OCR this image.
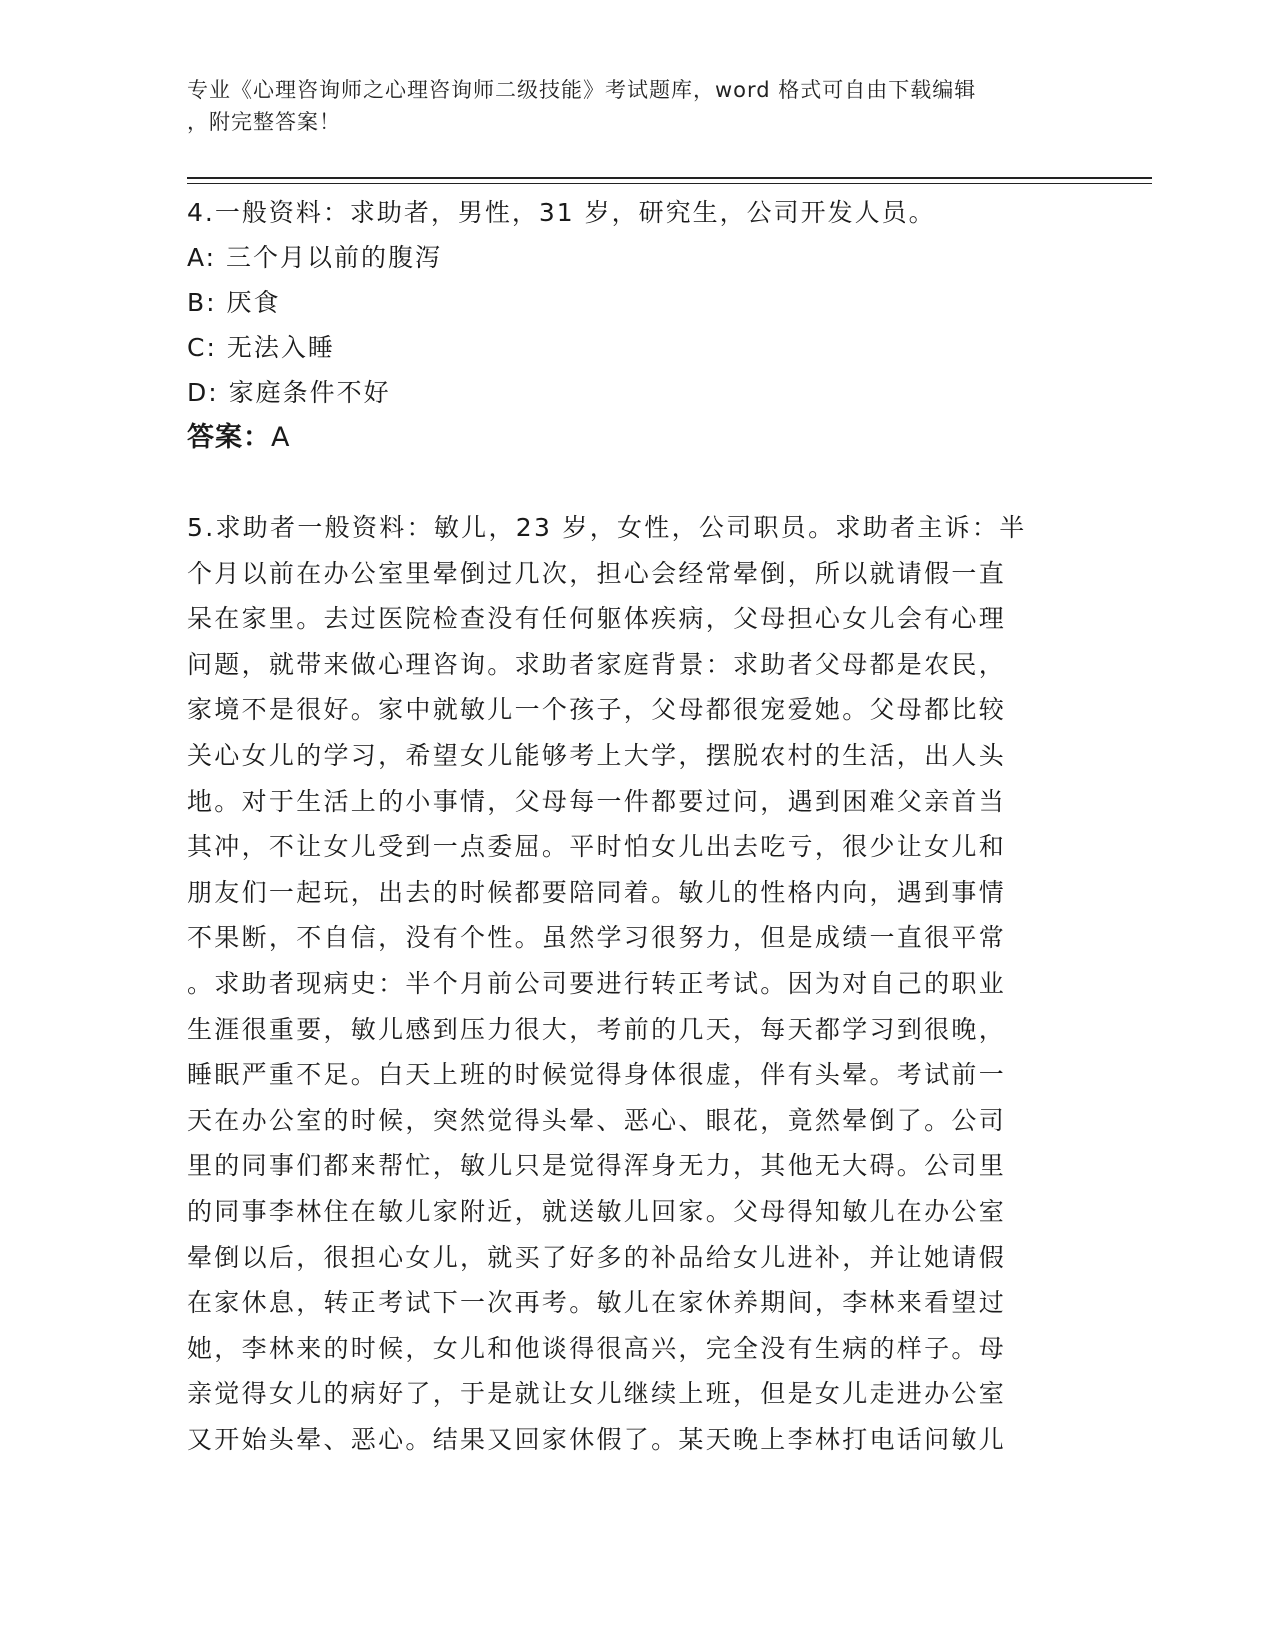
专业《心理咨询师之心理咨询师二级技能》考试题库，word 格式可自由下载编辑
，附完整答案！
4.一般资料：求助者，男性，31 岁，研究生，公司开发人员。
A: 三个月以前的腹泻
B: 厌食
C: 无法入睡
D: 家庭条件不好
答案：A
5.求助者一般资料：敏儿，23 岁，女性，公司职员。求助者主诉：半
个月以前在办公室里晕倒过几次，担心会经常晕倒，所以就请假一直
呆在家里。去过医院检查没有任何躯体疾病，父母担心女儿会有心理
问题，就带来做心理咨询。求助者家庭背景：求助者父母都是农民，
家境不是很好。家中就敏儿一个孩子，父母都很宠爱她。父母都比较
关心女儿的学习，希望女儿能够考上大学，摆脱农村的生活，出人头
地。对于生活上的小事情，父母每一件都要过问，遇到困难父亲首当
其冲，不让女儿受到一点委屈。平时怕女儿出去吃亏，很少让女儿和
朋友们一起玩，出去的时候都要陪同着。敏儿的性格内向，遇到事情
不果断，不自信，没有个性。虽然学习很努力，但是成绩一直很平常
。求助者现病史：半个月前公司要进行转正考试。因为对自己的职业
生涯很重要，敏儿感到压力很大，考前的几天，每天都学习到很晚，
睡眠严重不足。白天上班的时候觉得身体很虚，伴有头晕。考试前一
天在办公室的时候，突然觉得头晕、恶心、眼花，竟然晕倒了。公司
里的同事们都来帮忙，敏儿只是觉得浑身无力，其他无大碍。公司里
的同事李林住在敏儿家附近，就送敏儿回家。父母得知敏儿在办公室
晕倒以后，很担心女儿，就买了好多的补品给女儿进补，并让她请假
在家休息，转正考试下一次再考。敏儿在家休养期间，李林来看望过
她，李林来的时候，女儿和他谈得很高兴，完全没有生病的样子。母
亲觉得女儿的病好了，于是就让女儿继续上班，但是女儿走进办公室
又开始头晕、恶心。结果又回家休假了。某天晚上李林打电话问敏儿
